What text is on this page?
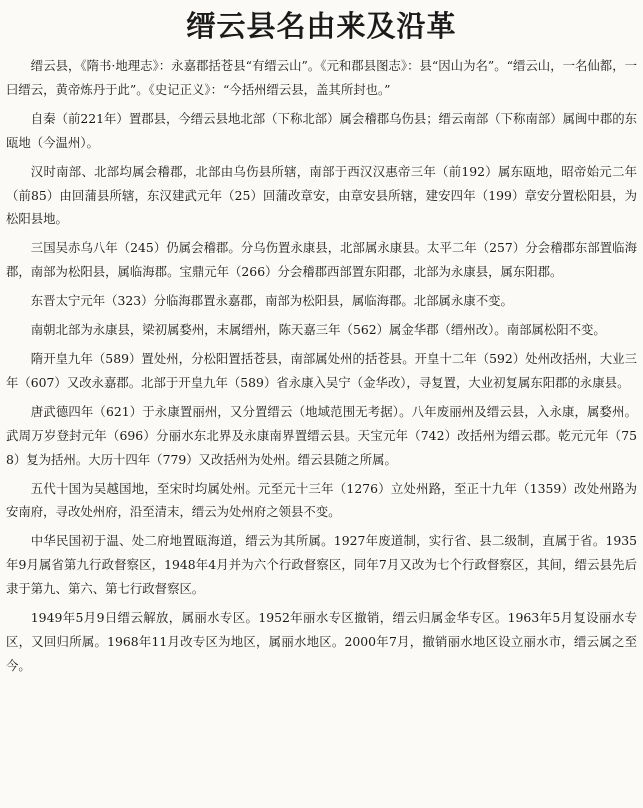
缙云县名由来及沿革

缙云县，《隋书·地理志》：永嘉郡括苍县“有缙云山”。《元和郡县图志》：县“因山为名”。“缙云山，一名仙都，一曰缙云，黄帝炼丹于此”。《史记正义》：“今括州缙云县，盖其所封也。”

自秦（前221年）置郡县，今缙云县地北部（下称北部）属会稽郡乌伤县；缙云南部（下称南部）属闽中郡的东瓯地（今温州）。

汉时南部、北部均属会稽郡，北部由乌伤县所辖，南部于西汉汉惠帝三年（前192）属东瓯地，昭帝始元二年（前85）由回蒲县所辖，东汉建武元年（25）回蒲改章安，由章安县所辖，建安四年（199）章安分置松阳县，为松阳县地。

三国吴赤乌八年（245）仍属会稽郡。分乌伤置永康县，北部属永康县。太平二年（257）分会稽郡东部置临海郡，南部为松阳县，属临海郡。宝鼎元年（266）分会稽郡西部置东阳郡，北部为永康县，属东阳郡。

东晋太宁元年（323）分临海郡置永嘉郡，南部为松阳县，属临海郡。北部属永康不变。

南朝北部为永康县，梁初属婺州，末属缙州，陈天嘉三年（562）属金华郡（缙州改）。南部属松阳不变。

隋开皇九年（589）置处州，分松阳置括苍县，南部属处州的括苍县。开皇十二年（592）处州改括州，大业三年（607）又改永嘉郡。北部于开皇九年（589）省永康入吴宁（金华改），寻复置，大业初复属东阳郡的永康县。

唐武德四年（621）于永康置丽州，又分置缙云（地域范围无考据）。八年废丽州及缙云县，入永康，属婺州。武周万岁登封元年（696）分丽水东北界及永康南界置缙云县。天宝元年（742）改括州为缙云郡。乾元元年（758）复为括州。大历十四年（779）又改括州为处州。缙云县随之所属。

五代十国为吴越国地，至宋时均属处州。元至元十三年（1276）立处州路，至正十九年（1359）改处州路为安南府，寻改处州府，沿至清末，缙云为处州府之领县不变。

中华民国初于温、处二府地置瓯海道，缙云为其所属。1927年废道制，实行省、县二级制，直属于省。1935年9月属省第九行政督察区，1948年4月并为六个行政督察区，同年7月又改为七个行政督察区，其间，缙云县先后隶于第九、第六、第七行政督察区。

1949年5月9日缙云解放，属丽水专区。1952年丽水专区撤销，缙云归属金华专区。1963年5月复设丽水专区，又回归所属。1968年11月改专区为地区，属丽水地区。2000年7月，撤销丽水地区设立丽水市，缙云属之至今。
